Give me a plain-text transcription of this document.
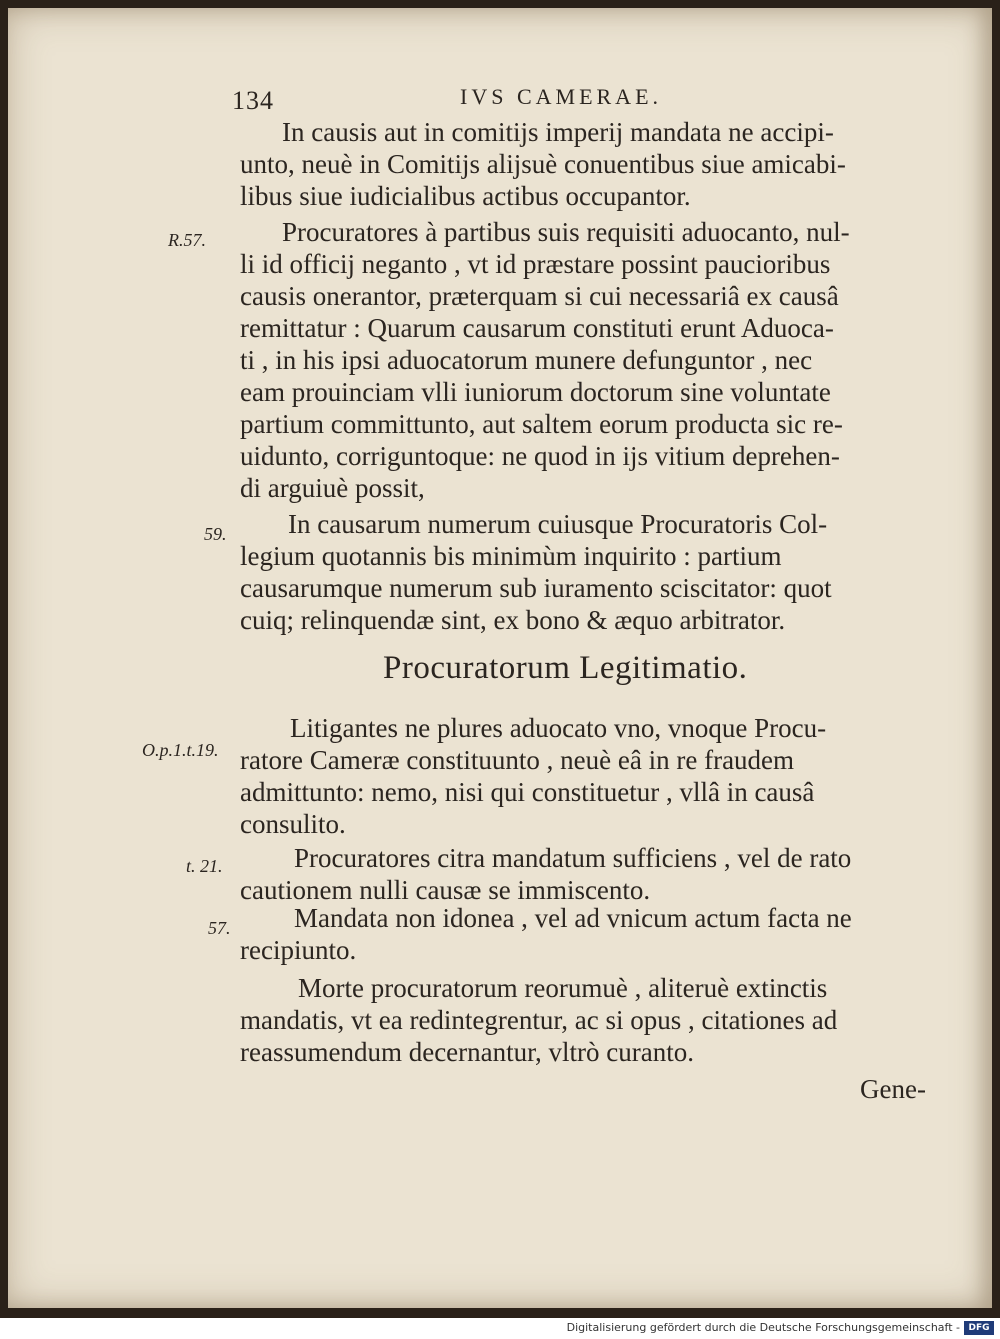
134	IVS CAMERAE.
In causis aut in comitijs imperij mandata ne accipi-
unto, neuè in Comitijs alijsuè conuentibus siue amicabi-
libus siue iudicialibus actibus occupantor.
R.57.	Procuratores à partibus suis requisiti aduocanto, nul-
li id officij neganto , vt id præstare possint paucioribus
causis onerantor, præterquam si cui necessariâ ex causâ
remittatur : Quarum causarum constituti erunt Aduoca-
ti , in his ipsi aduocatorum munere defunguntor , nec
eam prouinciam vlli iuniorum doctorum sine voluntate
partium committunto, aut saltem eorum producta sic re-
uidunto, corriguntoque: ne quod in ijs vitium deprehen-
di arguiuè possit,
59. In causarum numerum cuiusque Procuratoris Col-
legium quotannis bis minimùm inquirito : partium
causarumque numerum sub iuramento sciscitator: quot
cuiq; relinquendæ sint, ex bono & æquo arbitrator.
Procuratorum Legitimatio.
O.p.1.t.19.
Litigantes ne plures aduocato vno, vnoque Procu-
ratore Cameræ constituunto , neuè eâ in re fraudem
admittunto: nemo, nisi qui constituetur , vllâ in causâ
consulito.
t. 21.	Procuratores citra mandatum sufficiens , vel de rato
cautionem nulli causæ se immiscento.
57. Mandata non idonea , vel ad vnicum actum facta ne
recipiunto.
Morte procuratorum reorumuè , aliteruè extinctis
mandatis, vt ea redintegrentur, ac si opus , citationes ad
reassumendum decernantur, vltrò curanto.
Gene-
Digitalisierung gefördert durch die Deutsche Forschungsgemeinschaft - DFG
